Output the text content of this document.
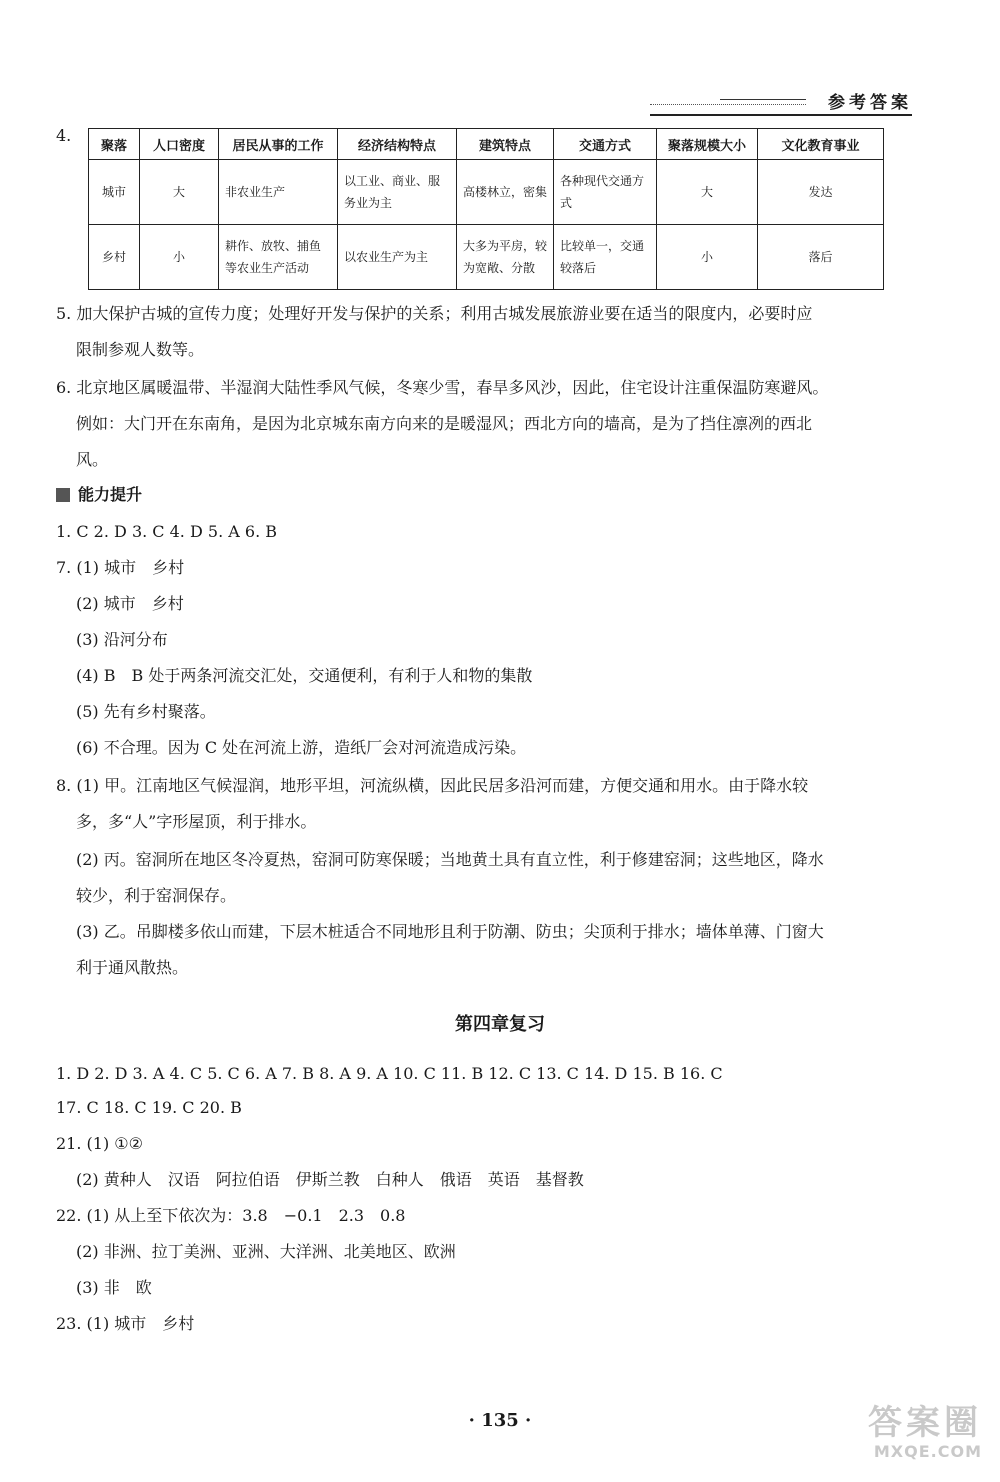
参考答案
4.
聚落	人口密度	居民从事的工作	经济结构特点	建筑特点	交通方式	聚落规模大小	文化教育事业
城市	大	非农业生产	以工业、商业、服务业为主	高楼林立，密集	各种现代交通方式	大	发达
乡村	小	耕作、放牧、捕鱼等农业生产活动	以农业生产为主	大多为平房，较为宽敞、分散	比较单一，交通较落后	小	落后
5. 加大保护古城的宣传力度；处理好开发与保护的关系；利用古城发展旅游业要在适当的限度内，必要时应
限制参观人数等。
6. 北京地区属暖温带、半湿润大陆性季风气候，冬寒少雪，春旱多风沙，因此，住宅设计注重保温防寒避风。
例如：大门开在东南角，是因为北京城东南方向来的是暖湿风；西北方向的墙高，是为了挡住凛冽的西北
风。
能力提升
1. C 2. D 3. C 4. D 5. A 6. B
7. (1) 城市　乡村
(2) 城市　乡村
(3) 沿河分布
(4) B　B 处于两条河流交汇处，交通便利，有利于人和物的集散
(5) 先有乡村聚落。
(6) 不合理。因为 C 处在河流上游，造纸厂会对河流造成污染。
8. (1) 甲。江南地区气候湿润，地形平坦，河流纵横，因此民居多沿河而建，方便交通和用水。由于降水较
多，多“人”字形屋顶，利于排水。
(2) 丙。窑洞所在地区冬冷夏热，窑洞可防寒保暖；当地黄土具有直立性，利于修建窑洞；这些地区，降水
较少，利于窑洞保存。
(3) 乙。吊脚楼多依山而建，下层木桩适合不同地形且利于防潮、防虫；尖顶利于排水；墙体单薄、门窗大
利于通风散热。
第四章复习
1. D 2. D 3. A 4. C 5. C 6. A 7. B 8. A 9. A 10. C 11. B 12. C 13. C 14. D 15. B 16. C
17. C 18. C 19. C 20. B
21. (1) ①②
(2) 黄种人　汉语　阿拉伯语　伊斯兰教　白种人　俄语　英语　基督教
22. (1) 从上至下依次为：3.8　−0.1　2.3　0.8
(2) 非洲、拉丁美洲、亚洲、大洋洲、北美地区、欧洲
(3) 非　欧
23. (1) 城市　乡村
· 135 ·	答案圈
MXQE.COM
